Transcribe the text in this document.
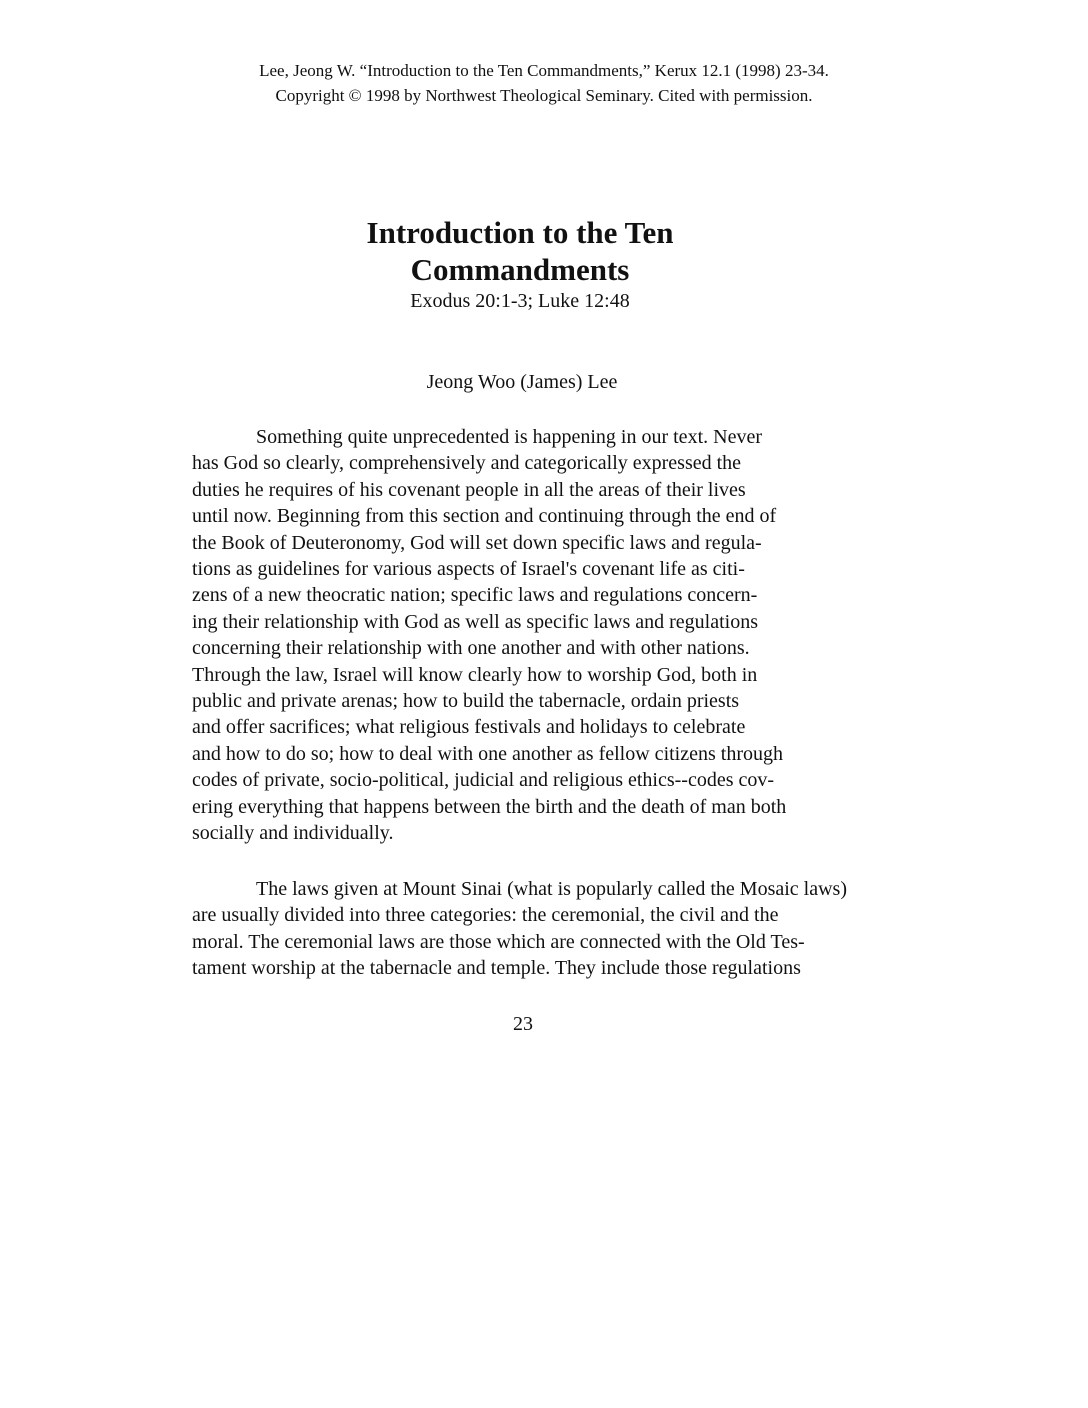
Lee, Jeong W. “Introduction to the Ten Commandments,” Kerux 12.1 (1998) 23-34.
Copyright © 1998 by Northwest Theological Seminary. Cited with permission.
Introduction to the Ten
Commandments
Exodus 20:1-3; Luke 12:48
Jeong Woo (James) Lee
Something quite unprecedented is happening in our text. Never
has God so clearly, comprehensively and categorically expressed the
duties he requires of his covenant people in all the areas of their lives
until now. Beginning from this section and continuing through the end of
the Book of Deuteronomy, God will set down specific laws and regula-
tions as guidelines for various aspects of Israel's covenant life as citi-
zens of a new theocratic nation; specific laws and regulations concern-
ing their relationship with God as well as specific laws and regulations
concerning their relationship with one another and with other nations.
Through the law, Israel will know clearly how to worship God, both in
public and private arenas; how to build the tabernacle, ordain priests
and offer sacrifices; what religious festivals and holidays to celebrate
and how to do so; how to deal with one another as fellow citizens through
codes of private, socio-political, judicial and religious ethics--codes cov-
ering everything that happens between the birth and the death of man both
socially and individually.
The laws given at Mount Sinai (what is popularly called the Mosaic laws)
are usually divided into three categories: the ceremonial, the civil and the
moral. The ceremonial laws are those which are connected with the Old Tes-
tament worship at the tabernacle and temple. They include those regulations
23
